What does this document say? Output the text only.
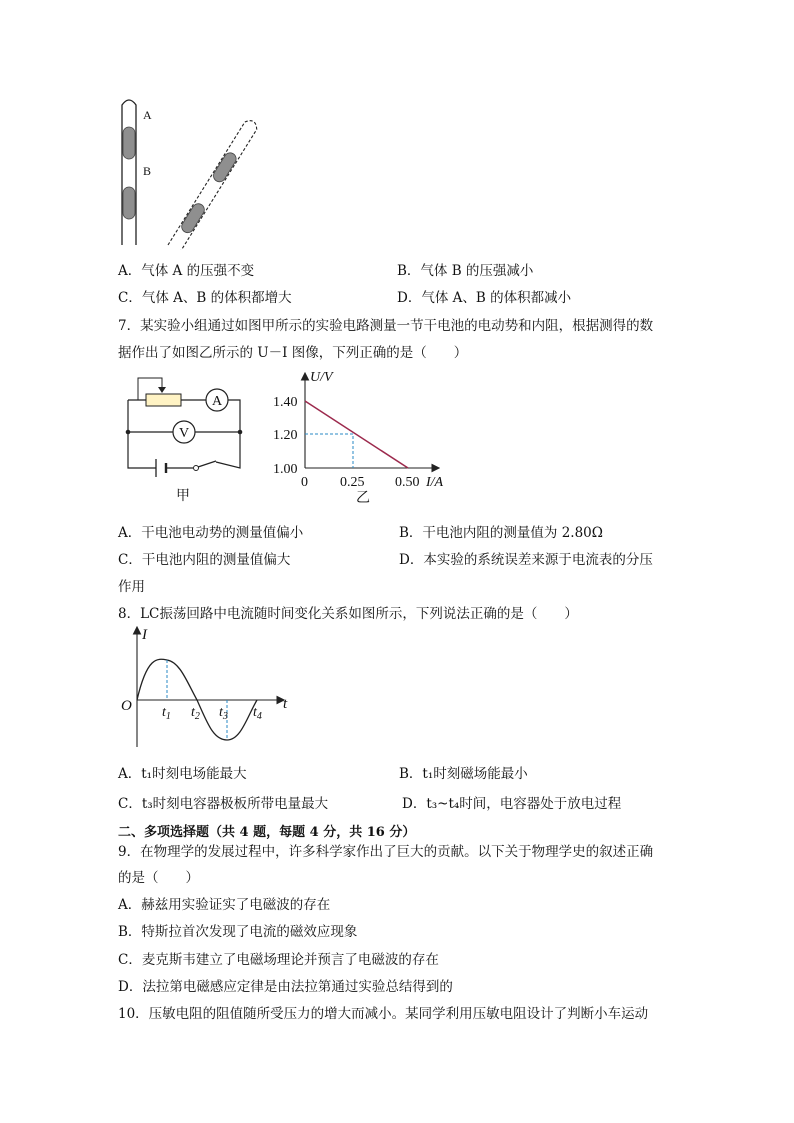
A
B
A．气体 A 的压强不变	B．气体 B 的压强减小
C．气体 A、B 的体积都增大	D．气体 A、B 的体积都减小
7．某实验小组通过如图甲所示的实验电路测量一节干电池的电动势和内阻，根据测得的数
据作出了如图乙所示的 U－I 图像，下列正确的是（　　）
A
V
甲
U/V
1.40
1.20
1.00
0 0.25 0.50 I/A
乙
A．干电池电动势的测量值偏小	B．干电池内阻的测量值为 2.80Ω
C．干电池内阻的测量值偏大	D．本实验的系统误差来源于电流表的分压
作用
8．LC振荡回路中电流随时间变化关系如图所示，下列说法正确的是（　　）
I
O	t
$t_1$ $t_2$ $t_3$ $t_4$
A．t₁时刻电场能最大	B．t₁时刻磁场能最小
C．t₃时刻电容器极板所带电量最大	D．t₃~t₄时间，电容器处于放电过程
二、多项选择题（共 4 题，每题 4 分，共 16 分）
9．在物理学的发展过程中，许多科学家作出了巨大的贡献。以下关于物理学史的叙述正确
的是（　　）
A．赫兹用实验证实了电磁波的存在
B．特斯拉首次发现了电流的磁效应现象
C．麦克斯韦建立了电磁场理论并预言了电磁波的存在
D．法拉第电磁感应定律是由法拉第通过实验总结得到的
10．压敏电阻的阻值随所受压力的增大而减小。某同学利用压敏电阻设计了判断小车运动
